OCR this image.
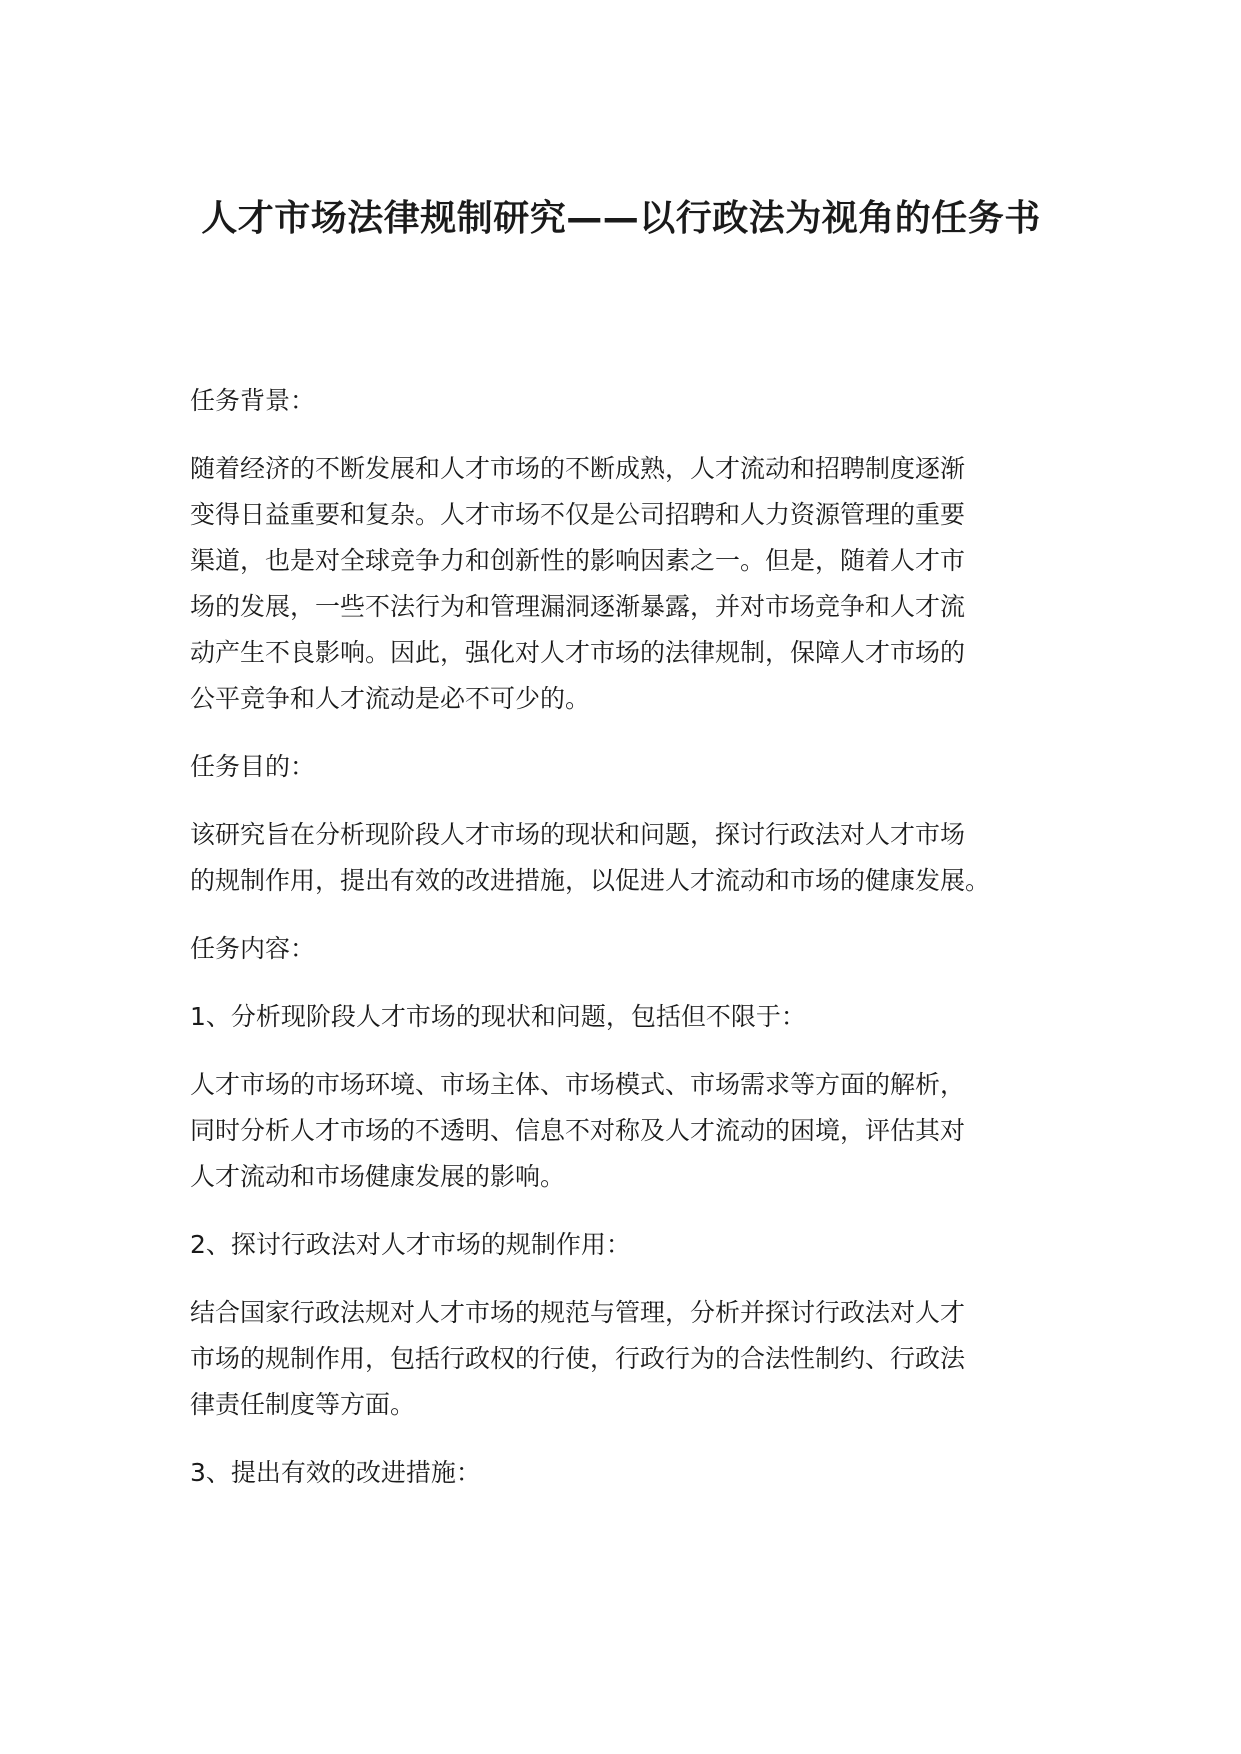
人才市场法律规制研究——以行政法为视角的任务书

任务背景：

随着经济的不断发展和人才市场的不断成熟，人才流动和招聘制度逐渐
变得日益重要和复杂。人才市场不仅是公司招聘和人力资源管理的重要
渠道，也是对全球竞争力和创新性的影响因素之一。但是，随着人才市
场的发展，一些不法行为和管理漏洞逐渐暴露，并对市场竞争和人才流
动产生不良影响。因此，强化对人才市场的法律规制，保障人才市场的
公平竞争和人才流动是必不可少的。

任务目的：

该研究旨在分析现阶段人才市场的现状和问题，探讨行政法对人才市场
的规制作用，提出有效的改进措施，以促进人才流动和市场的健康发展。

任务内容：

1、分析现阶段人才市场的现状和问题，包括但不限于：

人才市场的市场环境、市场主体、市场模式、市场需求等方面的解析，
同时分析人才市场的不透明、信息不对称及人才流动的困境，评估其对
人才流动和市场健康发展的影响。

2、探讨行政法对人才市场的规制作用：

结合国家行政法规对人才市场的规范与管理，分析并探讨行政法对人才
市场的规制作用，包括行政权的行使，行政行为的合法性制约、行政法
律责任制度等方面。

3、提出有效的改进措施：
